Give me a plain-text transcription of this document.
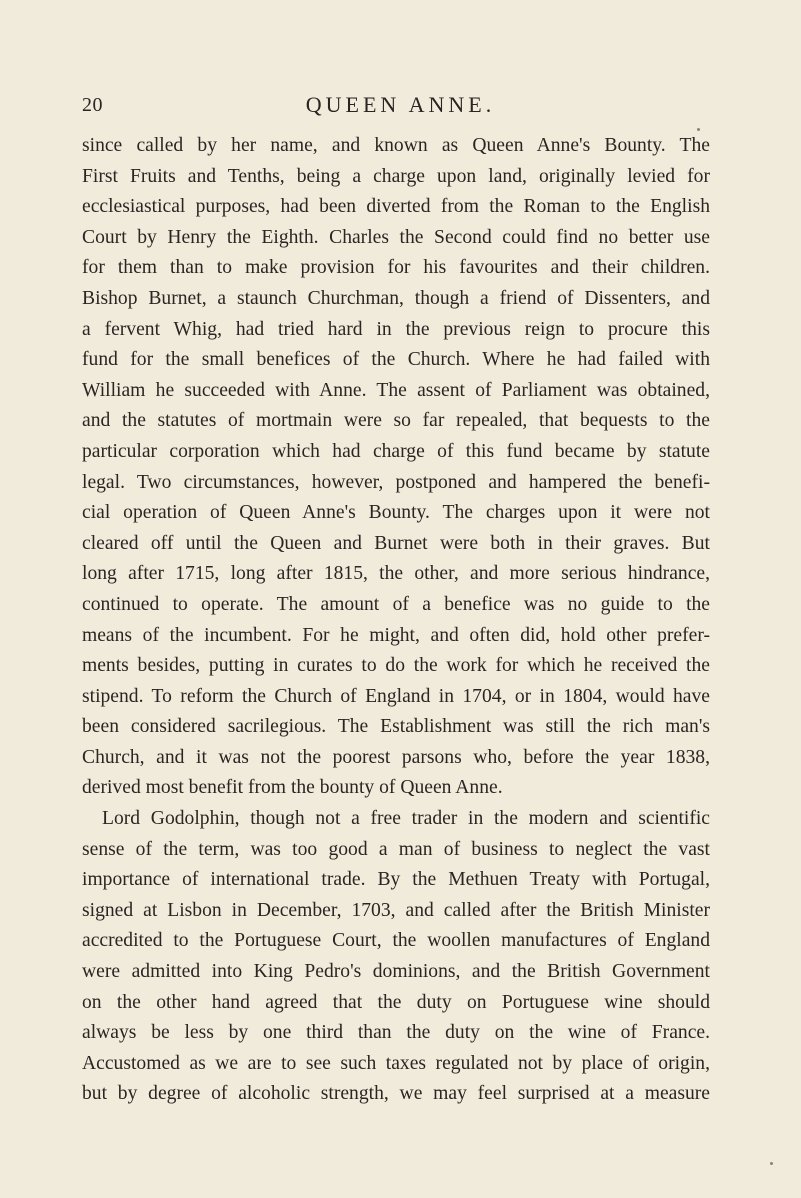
20	QUEEN ANNE.

since called by her name, and known as Queen Anne's Bounty. The
First Fruits and Tenths, being a charge upon land, originally levied for
ecclesiastical purposes, had been diverted from the Roman to the English
Court by Henry the Eighth. Charles the Second could find no better use
for them than to make provision for his favourites and their children.
Bishop Burnet, a staunch Churchman, though a friend of Dissenters, and
a fervent Whig, had tried hard in the previous reign to procure this
fund for the small benefices of the Church. Where he had failed with
William he succeeded with Anne. The assent of Parliament was obtained,
and the statutes of mortmain were so far repealed, that bequests to the
particular corporation which had charge of this fund became by statute
legal. Two circumstances, however, postponed and hampered the benefi-
cial operation of Queen Anne's Bounty. The charges upon it were not
cleared off until the Queen and Burnet were both in their graves. But
long after 1715, long after 1815, the other, and more serious hindrance,
continued to operate. The amount of a benefice was no guide to the
means of the incumbent. For he might, and often did, hold other prefer-
ments besides, putting in curates to do the work for which he received the
stipend. To reform the Church of England in 1704, or in 1804, would have
been considered sacrilegious. The Establishment was still the rich man's
Church, and it was not the poorest parsons who, before the year 1838,
derived most benefit from the bounty of Queen Anne.

Lord Godolphin, though not a free trader in the modern and scientific
sense of the term, was too good a man of business to neglect the vast
importance of international trade. By the Methuen Treaty with Portugal,
signed at Lisbon in December, 1703, and called after the British Minister
accredited to the Portuguese Court, the woollen manufactures of England
were admitted into King Pedro's dominions, and the British Government
on the other hand agreed that the duty on Portuguese wine should
always be less by one third than the duty on the wine of France.
Accustomed as we are to see such taxes regulated not by place of origin,
but by degree of alcoholic strength, we may feel surprised at a measure
